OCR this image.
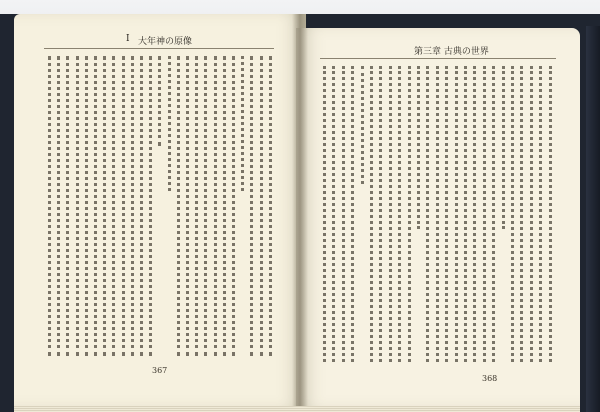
Ⅰ 大年神の原像
367
第三章 古典の世界
368
